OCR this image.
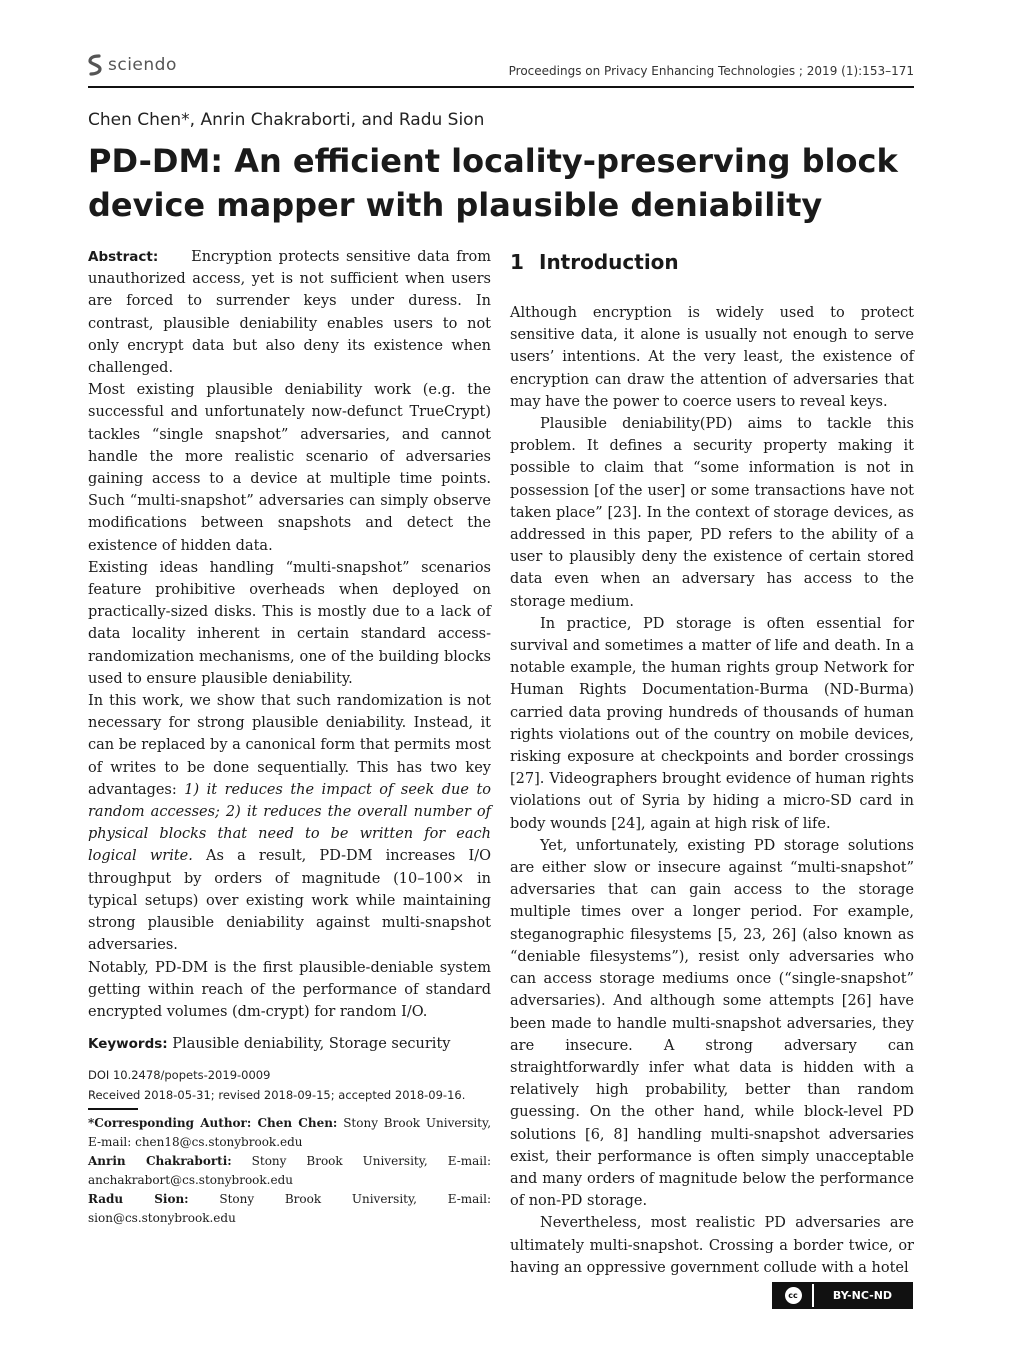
sciendo	Proceedings on Privacy Enhancing Technologies ; 2019 (1):153–171
Chen Chen*, Anrin Chakraborti, and Radu Sion
PD-DM: An efficient locality-preserving block device mapper with plausible deniability

Abstract: Encryption protects sensitive data from unauthorized access, yet is not sufficient when users are forced to surrender keys under duress. In contrast, plausible deniability enables users to not only encrypt data but also deny its existence when challenged.

Most existing plausible deniability work (e.g. the successful and unfortunately now-defunct TrueCrypt) tackles “single snapshot” adversaries, and cannot handle the more realistic scenario of adversaries gaining access to a device at multiple time points. Such “multi-snapshot” adversaries can simply observe modifications between snapshots and detect the existence of hidden data.

Existing ideas handling “multi-snapshot” scenarios feature prohibitive overheads when deployed on practically-sized disks. This is mostly due to a lack of data locality inherent in certain standard access-randomization mechanisms, one of the building blocks used to ensure plausible deniability.

In this work, we show that such randomization is not necessary for strong plausible deniability. Instead, it can be replaced by a canonical form that permits most of writes to be done sequentially. This has two key advantages: 1) it reduces the impact of seek due to random accesses; 2) it reduces the overall number of physical blocks that need to be written for each logical write. As a result, PD-DM increases I/O throughput by orders of magnitude (10–100× in typical setups) over existing work while maintaining strong plausible deniability against multi-snapshot adversaries.

Notably, PD-DM is the first plausible-deniable system getting within reach of the performance of standard encrypted volumes (dm-crypt) for random I/O.

Keywords: Plausible deniability, Storage security
DOI 10.2478/popets-2019-0009
Received 2018-05-31; revised 2018-09-15; accepted 2018-09-16.

*Corresponding Author: Chen Chen: Stony Brook University, E-mail: chen18@cs.stonybrook.edu

Anrin Chakraborti: Stony Brook University, E-mail: anchakrabort@cs.stonybrook.edu

Radu Sion: Stony Brook University, E-mail: sion@cs.stonybrook.edu

1 Introduction

Although encryption is widely used to protect sensitive data, it alone is usually not enough to serve users’ intentions. At the very least, the existence of encryption can draw the attention of adversaries that may have the power to coerce users to reveal keys.

Plausible deniability(PD) aims to tackle this problem. It defines a security property making it possible to claim that “some information is not in possession [of the user] or some transactions have not taken place” [23]. In the context of storage devices, as addressed in this paper, PD refers to the ability of a user to plausibly deny the existence of certain stored data even when an adversary has access to the storage medium.

In practice, PD storage is often essential for survival and sometimes a matter of life and death. In a notable example, the human rights group Network for Human Rights Documentation-Burma (ND-Burma) carried data proving hundreds of thousands of human rights violations out of the country on mobile devices, risking exposure at checkpoints and border crossings [27]. Videographers brought evidence of human rights violations out of Syria by hiding a micro-SD card in body wounds [24], again at high risk of life.

Yet, unfortunately, existing PD storage solutions are either slow or insecure against “multi-snapshot” adversaries that can gain access to the storage multiple times over a longer period. For example, steganographic filesystems [5, 23, 26] (also known as “deniable filesystems”), resist only adversaries who can access storage mediums once (“single-snapshot” adversaries). And although some attempts [26] have been made to handle multi-snapshot adversaries, they are insecure. A strong adversary can straightforwardly infer what data is hidden with a relatively high probability, better than random guessing. On the other hand, while block-level PD solutions [6, 8] handling multi-snapshot adversaries exist, their performance is often simply unacceptable and many orders of magnitude below the performance of non-PD storage.

Nevertheless, most realistic PD adversaries are ultimately multi-snapshot. Crossing a border twice, or having an oppressive government collude with a hotel

cc	BY-NC-ND
